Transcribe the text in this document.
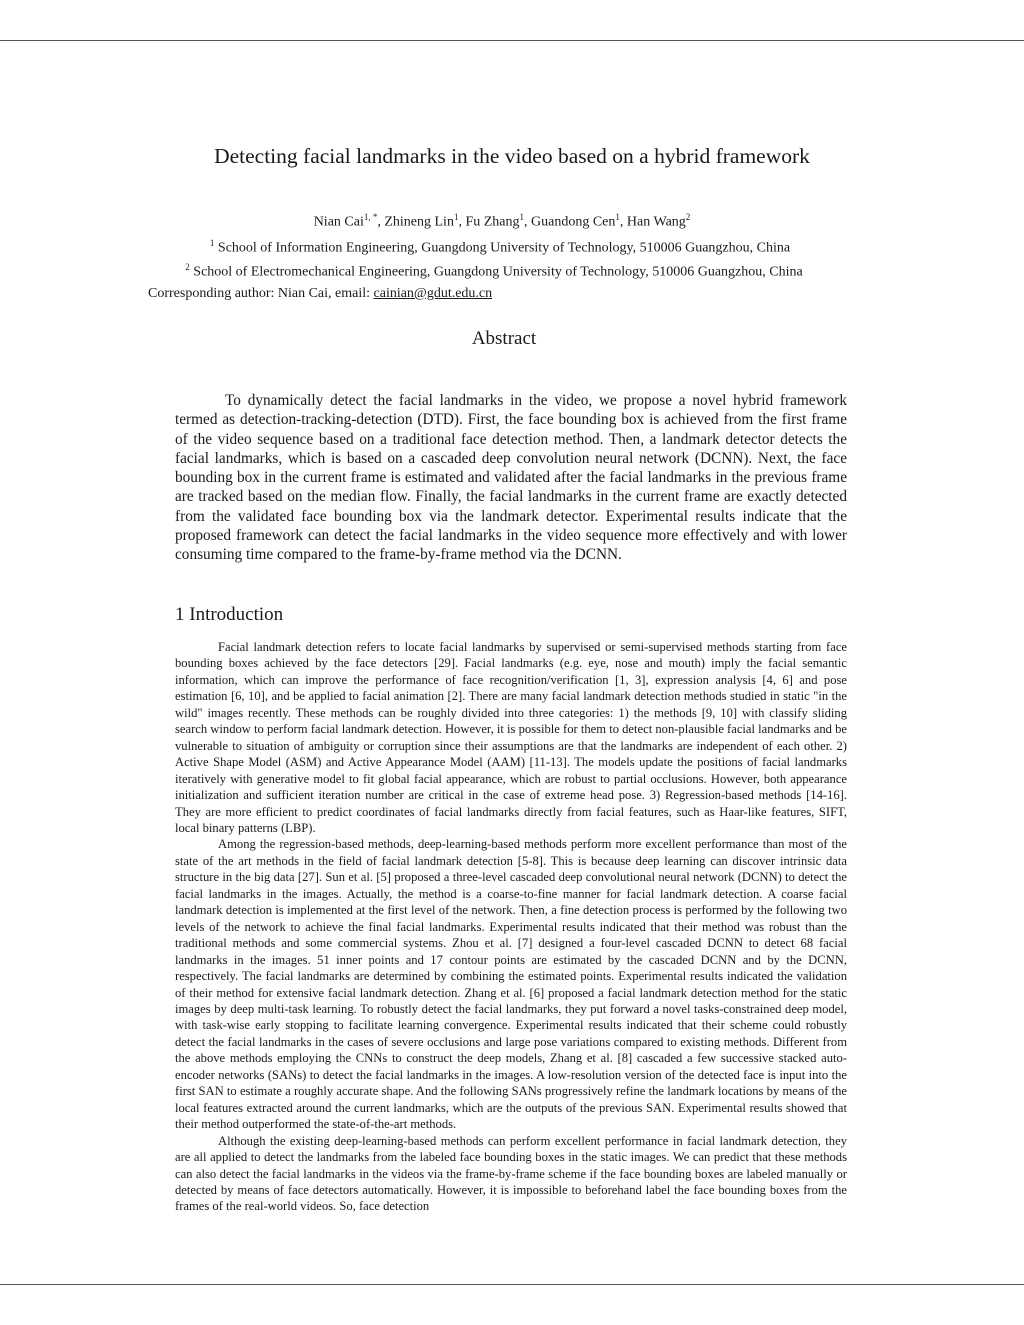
Detecting facial landmarks in the video based on a hybrid framework
Nian Cai$^{1, *}$, Zhineng Lin$^1$, Fu Zhang$^1$, Guandong Cen$^1$, Han Wang$^2$
$^1$ School of Information Engineering, Guangdong University of Technology, 510006 Guangzhou, China
$^2$ School of Electromechanical Engineering, Guangdong University of Technology, 510006 Guangzhou, China
Corresponding author: Nian Cai, email: cainian@gdut.edu.cn
Abstract

To dynamically detect the facial landmarks in the video, we propose a novel hybrid framework termed as detection-tracking-detection (DTD). First, the face bounding box is achieved from the first frame of the video sequence based on a traditional face detection method. Then, a landmark detector detects the facial landmarks, which is based on a cascaded deep convolution neural network (DCNN). Next, the face bounding box in the current frame is estimated and validated after the facial landmarks in the previous frame are tracked based on the median flow. Finally, the facial landmarks in the current frame are exactly detected from the validated face bounding box via the landmark detector. Experimental results indicate that the proposed framework can detect the facial landmarks in the video sequence more effectively and with lower consuming time compared to the frame-by-frame method via the DCNN.

1 Introduction

Facial landmark detection refers to locate facial landmarks by supervised or semi-supervised methods starting from face bounding boxes achieved by the face detectors [29]. Facial landmarks (e.g. eye, nose and mouth) imply the facial semantic information, which can improve the performance of face recognition/verification [1, 3], expression analysis [4, 6] and pose estimation [6, 10], and be applied to facial animation [2]. There are many facial landmark detection methods studied in static "in the wild" images recently. These methods can be roughly divided into three categories: 1) the methods [9, 10] with classify sliding search window to perform facial landmark detection. However, it is possible for them to detect non-plausible facial landmarks and be vulnerable to situation of ambiguity or corruption since their assumptions are that the landmarks are independent of each other. 2) Active Shape Model (ASM) and Active Appearance Model (AAM) [11-13]. The models update the positions of facial landmarks iteratively with generative model to fit global facial appearance, which are robust to partial occlusions. However, both appearance initialization and sufficient iteration number are critical in the case of extreme head pose. 3) Regression-based methods [14-16]. They are more efficient to predict coordinates of facial landmarks directly from facial features, such as Haar-like features, SIFT, local binary patterns (LBP).

Among the regression-based methods, deep-learning-based methods perform more excellent performance than most of the state of the art methods in the field of facial landmark detection [5-8]. This is because deep learning can discover intrinsic data structure in the big data [27]. Sun et al. [5] proposed a three-level cascaded deep convolutional neural network (DCNN) to detect the facial landmarks in the images. Actually, the method is a coarse-to-fine manner for facial landmark detection. A coarse facial landmark detection is implemented at the first level of the network. Then, a fine detection process is performed by the following two levels of the network to achieve the final facial landmarks. Experimental results indicated that their method was robust than the traditional methods and some commercial systems. Zhou et al. [7] designed a four-level cascaded DCNN to detect 68 facial landmarks in the images. 51 inner points and 17 contour points are estimated by the cascaded DCNN and by the DCNN, respectively. The facial landmarks are determined by combining the estimated points. Experimental results indicated the validation of their method for extensive facial landmark detection. Zhang et al. [6] proposed a facial landmark detection method for the static images by deep multi-task learning. To robustly detect the facial landmarks, they put forward a novel tasks-constrained deep model, with task-wise early stopping to facilitate learning convergence. Experimental results indicated that their scheme could robustly detect the facial landmarks in the cases of severe occlusions and large pose variations compared to existing methods. Different from the above methods employing the CNNs to construct the deep models, Zhang et al. [8] cascaded a few successive stacked auto-encoder networks (SANs) to detect the facial landmarks in the images. A low-resolution version of the detected face is input into the first SAN to estimate a roughly accurate shape. And the following SANs progressively refine the landmark locations by means of the local features extracted around the current landmarks, which are the outputs of the previous SAN. Experimental results showed that their method outperformed the state-of-the-art methods.

Although the existing deep-learning-based methods can perform excellent performance in facial landmark detection, they are all applied to detect the landmarks from the labeled face bounding boxes in the static images. We can predict that these methods can also detect the facial landmarks in the videos via the frame-by-frame scheme if the face bounding boxes are labeled manually or detected by means of face detectors automatically. However, it is impossible to beforehand label the face bounding boxes from the frames of the real-world videos. So, face detection
